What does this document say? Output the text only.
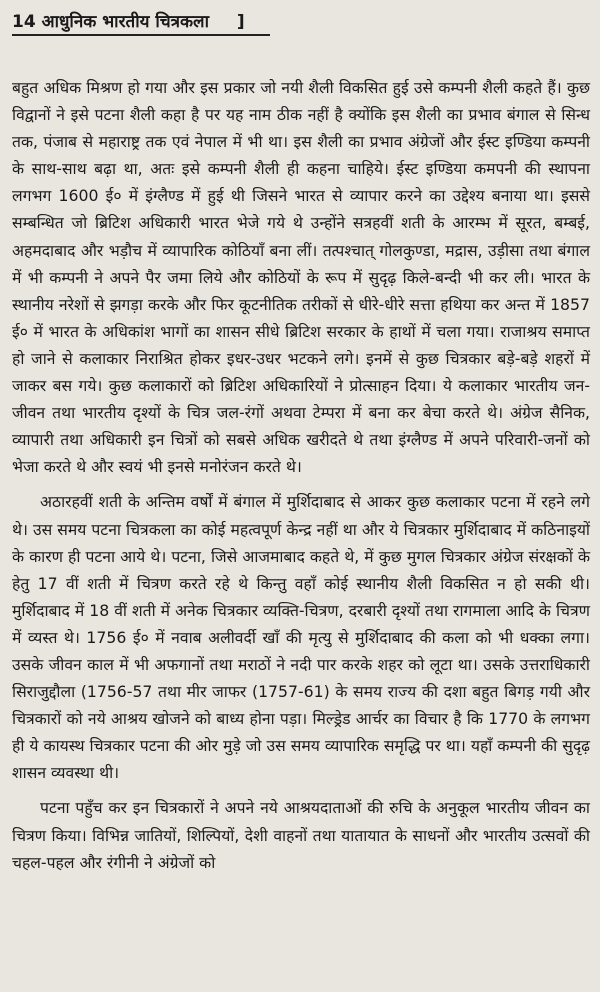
14 आधुनिक भारतीय चित्रकला ]

बहुत अधिक मिश्रण हो गया और इस प्रकार जो नयी शैली विकसित हुई उसे कम्पनी शैली कहते हैं। कुछ विद्वानों ने इसे पटना शैली कहा है पर यह नाम ठीक नहीं है क्योंकि इस शैली का प्रभाव बंगाल से सिन्ध तक, पंजाब से महाराष्ट्र तक एवं नेपाल में भी था। इस शैली का प्रभाव अंग्रेजों और ईस्ट इण्डिया कम्पनी के साथ-साथ बढ़ा था, अतः इसे कम्पनी शैली ही कहना चाहिये। ईस्ट इण्डिया कमपनी की स्थापना लगभग 1600 ई० में इंग्लैण्ड में हुई थी जिसने भारत से व्यापार करने का उद्देश्य बनाया था। इससे सम्बन्धित जो ब्रिटिश अधिकारी भारत भेजे गये थे उन्होंने सत्रहवीं शती के आरम्भ में सूरत, बम्बई, अहमदाबाद और भड़ौच में व्यापारिक कोठियाँ बना लीं। तत्पश्चात् गोलकुण्डा, मद्रास, उड़ीसा तथा बंगाल में भी कम्पनी ने अपने पैर जमा लिये और कोठियों के रूप में सुदृढ़ किले-बन्दी भी कर ली। भारत के स्थानीय नरेशों से झगड़ा करके और फिर कूटनीतिक तरीकों से धीरे-धीरे सत्ता हथिया कर अन्त में 1857 ई० में भारत के अधिकांश भागों का शासन सीधे ब्रिटिश सरकार के हाथों में चला गया। राजाश्रय समाप्त हो जाने से कलाकार निराश्रित होकर इधर-उधर भटकने लगे। इनमें से कुछ चित्रकार बड़े-बड़े शहरों में जाकर बस गये। कुछ कलाकारों को ब्रिटिश अधिकारियों ने प्रोत्साहन दिया। ये कलाकार भारतीय जन-जीवन तथा भारतीय दृश्यों के चित्र जल-रंगों अथवा टेम्परा में बना कर बेचा करते थे। अंग्रेज सैनिक, व्यापारी तथा अधिकारी इन चित्रों को सबसे अधिक खरीदते थे तथा इंग्लैण्ड में अपने परिवारी-जनों को भेजा करते थे और स्वयं भी इनसे मनोरंजन करते थे।

अठारहवीं शती के अन्तिम वर्षों में बंगाल में मुर्शिदाबाद से आकर कुछ कलाकार पटना में रहने लगे थे। उस समय पटना चित्रकला का कोई महत्वपूर्ण केन्द्र नहीं था और ये चित्रकार मुर्शिदाबाद में कठिनाइयों के कारण ही पटना आये थे। पटना, जिसे आजमाबाद कहते थे, में कुछ मुगल चित्रकार अंग्रेज संरक्षकों के हेतु 17 वीं शती में चित्रण करते रहे थे किन्तु वहाँ कोई स्थानीय शैली विकसित न हो सकी थी। मुर्शिदाबाद में 18 वीं शती में अनेक चित्रकार व्यक्ति-चित्रण, दरबारी दृश्यों तथा रागमाला आदि के चित्रण में व्यस्त थे। 1756 ई० में नवाब अलीवर्दी खाँ की मृत्यु से मुर्शिदाबाद की कला को भी धक्का लगा। उसके जीवन काल में भी अफगानों तथा मराठों ने नदी पार करके शहर को लूटा था। उसके उत्तराधिकारी सिराजुद्दौला (1756-57 तथा मीर जाफर (1757-61) के समय राज्य की दशा बहुत बिगड़ गयी और चित्रकारों को नये आश्रय खोजने को बाध्य होना पड़ा। मिल्ड्रेड आर्चर का विचार है कि 1770 के लगभग ही ये कायस्थ चित्रकार पटना की ओर मुड़े जो उस समय व्यापारिक समृद्धि पर था। यहाँ कम्पनी की सुदृढ़ शासन व्यवस्था थी।

पटना पहुँच कर इन चित्रकारों ने अपने नये आश्रयदाताओं की रुचि के अनुकूल भारतीय जीवन का चित्रण किया। विभिन्न जातियों, शिल्पियों, देशी वाहनों तथा यातायात के साधनों और भारतीय उत्सवों की चहल-पहल और रंगीनी ने अंग्रेजों को
